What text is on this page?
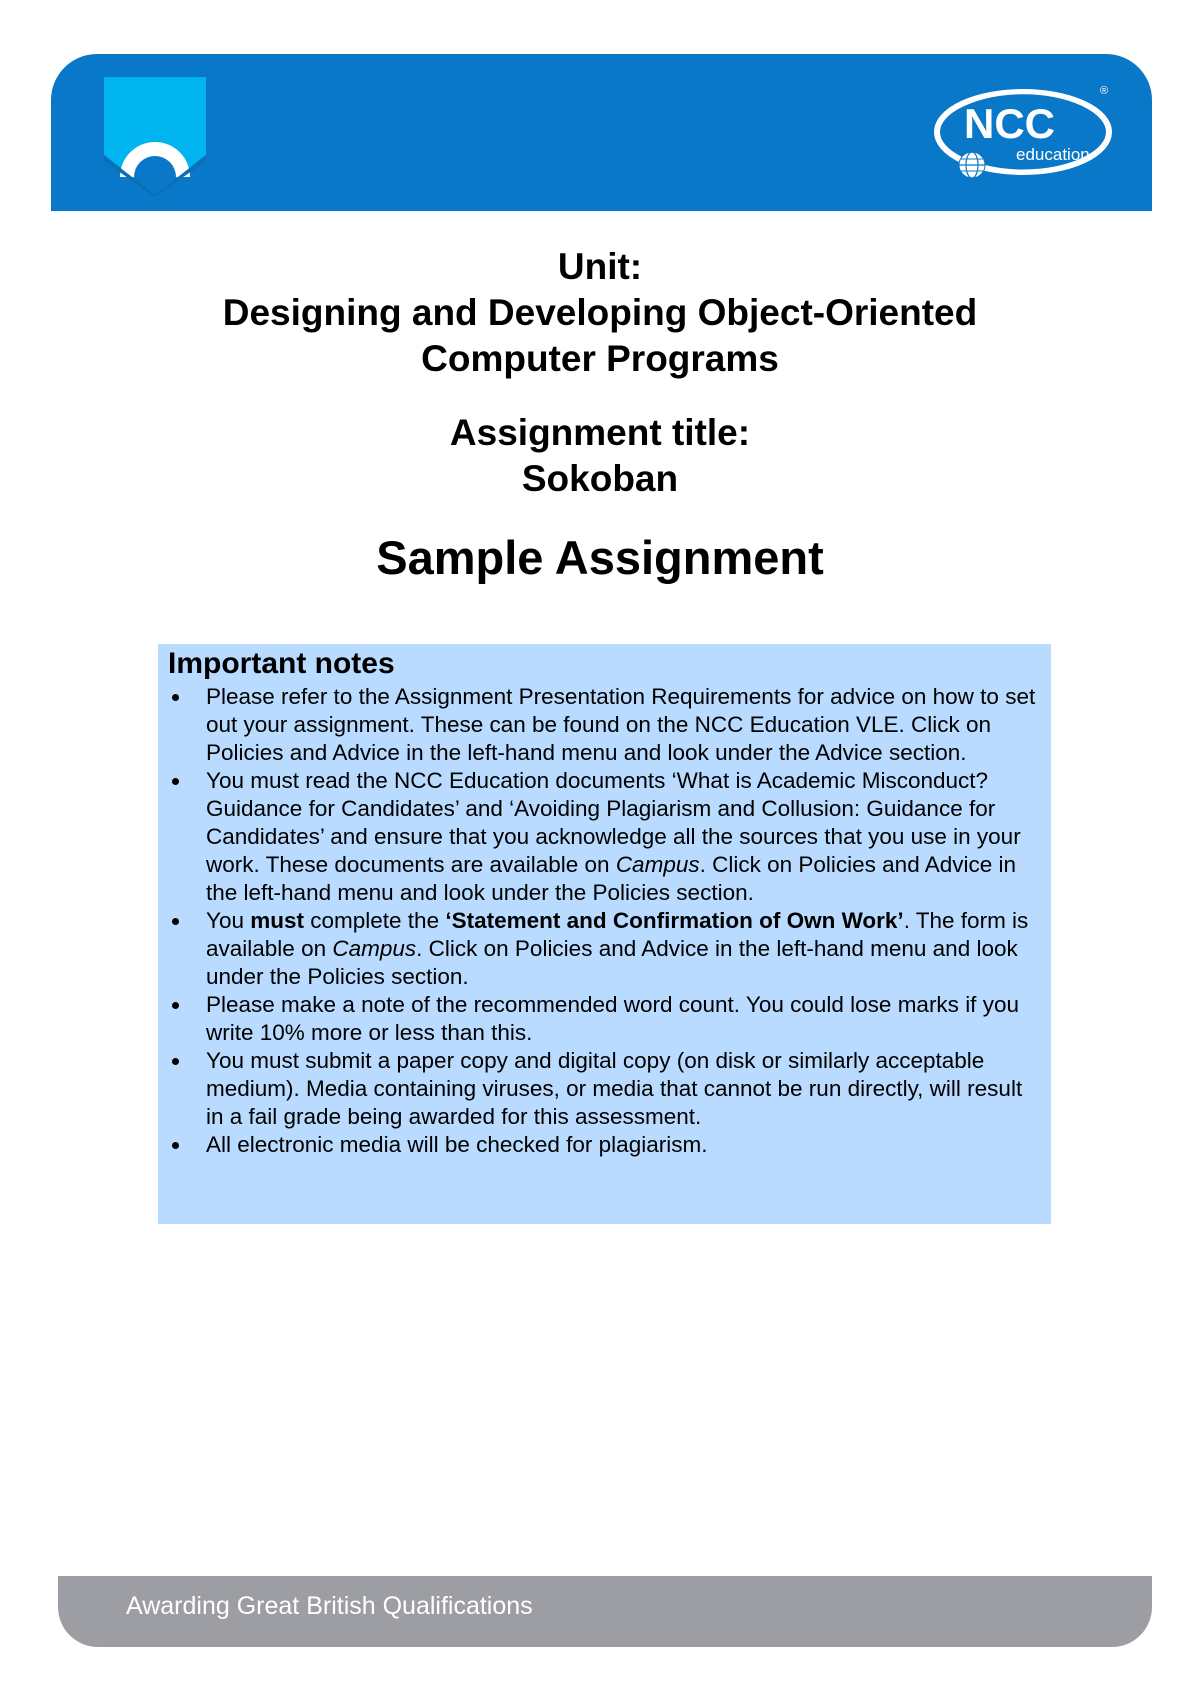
NCC
education
®
Unit:
Designing and Developing Object-Oriented
Computer Programs
Assignment title:
Sokoban
Sample Assignment
Important notes
Please refer to the Assignment Presentation Requirements for advice on how to set out your assignment. These can be found on the NCC Education VLE. Click on Policies and Advice in the left-hand menu and look under the Advice section.
You must read the NCC Education documents ‘What is Academic Misconduct? Guidance for Candidates’ and ‘Avoiding Plagiarism and Collusion: Guidance for Candidates’ and ensure that you acknowledge all the sources that you use in your work. These documents are available on Campus. Click on Policies and Advice in the left-hand menu and look under the Policies section.
You must complete the ‘Statement and Confirmation of Own Work’. The form is available on Campus. Click on Policies and Advice in the left-hand menu and look under the Policies section.
Please make a note of the recommended word count. You could lose marks if you write 10% more or less than this.
You must submit a paper copy and digital copy (on disk or similarly acceptable medium). Media containing viruses, or media that cannot be run directly, will result in a fail grade being awarded for this assessment.
All electronic media will be checked for plagiarism.
Awarding Great British Qualifications
